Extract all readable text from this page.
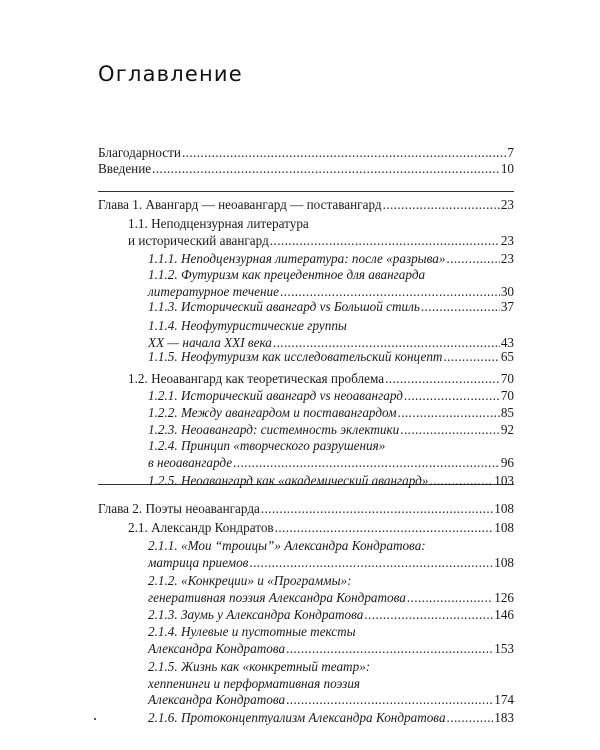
Оглавление
Благодарности .....	7
Введение .....	10
Глава 1. Авангард — неоавангард — поставангард .....	23
1.1. Неподцензурная литература
и исторический авангард .....	23
1.1.1. Неподцензурная литература: после «разрыва» .....	23
1.1.2. Футуризм как прецедентное для авангарда
литературное течение .....	30
1.1.3. Исторический авангард vs Большой стиль .....	37
1.1.4. Неофутуристические группы
XX — начала XXI века .....	43
1.1.5. Неофутуризм как исследовательский концепт .....	65
1.2. Неоавангард как теоретическая проблема .....	70
1.2.1. Исторический авангард vs неоавангард .....	70
1.2.2. Между авангардом и поставангардом .....	85
1.2.3. Неоавангард: системность эклектики .....	92
1.2.4. Принцип «творческого разрушения»
в неоавангарде .....	96
1.2.5. Неоавангард как «академический авангард» .....	103
Глава 2. Поэты неоавангарда .....	108
2.1. Александр Кондратов .....	108
2.1.1. «Мои “троицы”» Александра Кондратова:
матрица приемов .....	108
2.1.2. «Конкреции» и «Программы»:
генеративная поэзия Александра Кондратова .....	126
2.1.3. Заумь у Александра Кондратова .....	146
2.1.4. Нулевые и пустотные тексты
Александра Кондратова .....	153
2.1.5. Жизнь как «конкретный театр»:
хеппенинги и перформативная поэзия
Александра Кондратова .....	174
2.1.6. Протоконцептуализм Александра Кондратова .....	183
